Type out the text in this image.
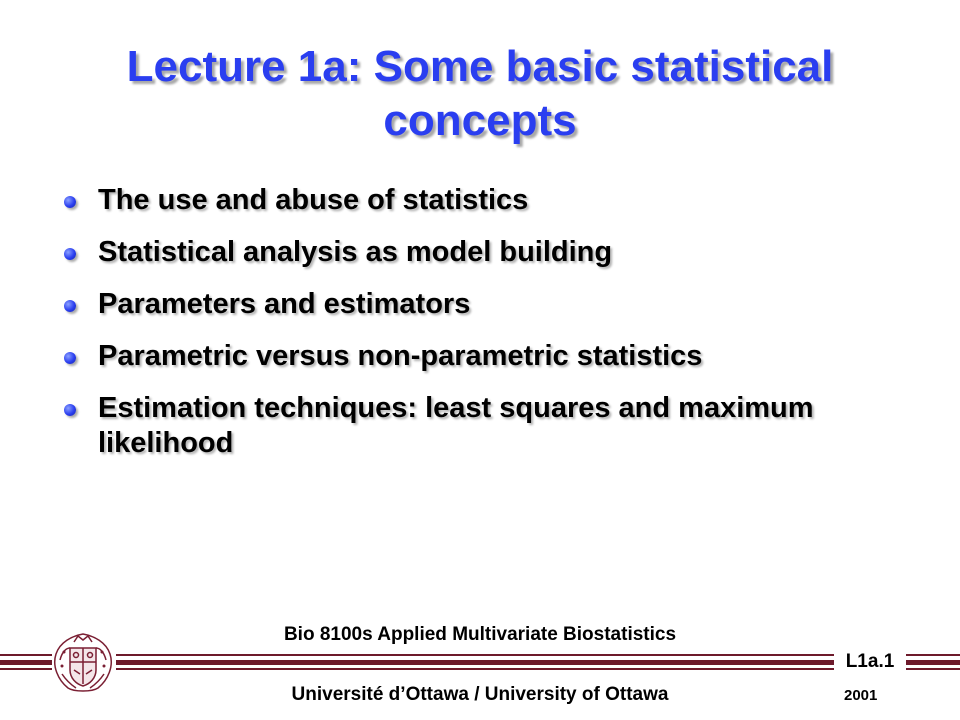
Lecture 1a: Some basic statistical concepts
The use and abuse of statistics
Statistical analysis as model building
Parameters and estimators
Parametric versus non-parametric statistics
Estimation techniques: least squares and maximum likelihood
Bio 8100s Applied Multivariate Biostatistics
L1a.1
Université d’Ottawa / University of Ottawa	2001
